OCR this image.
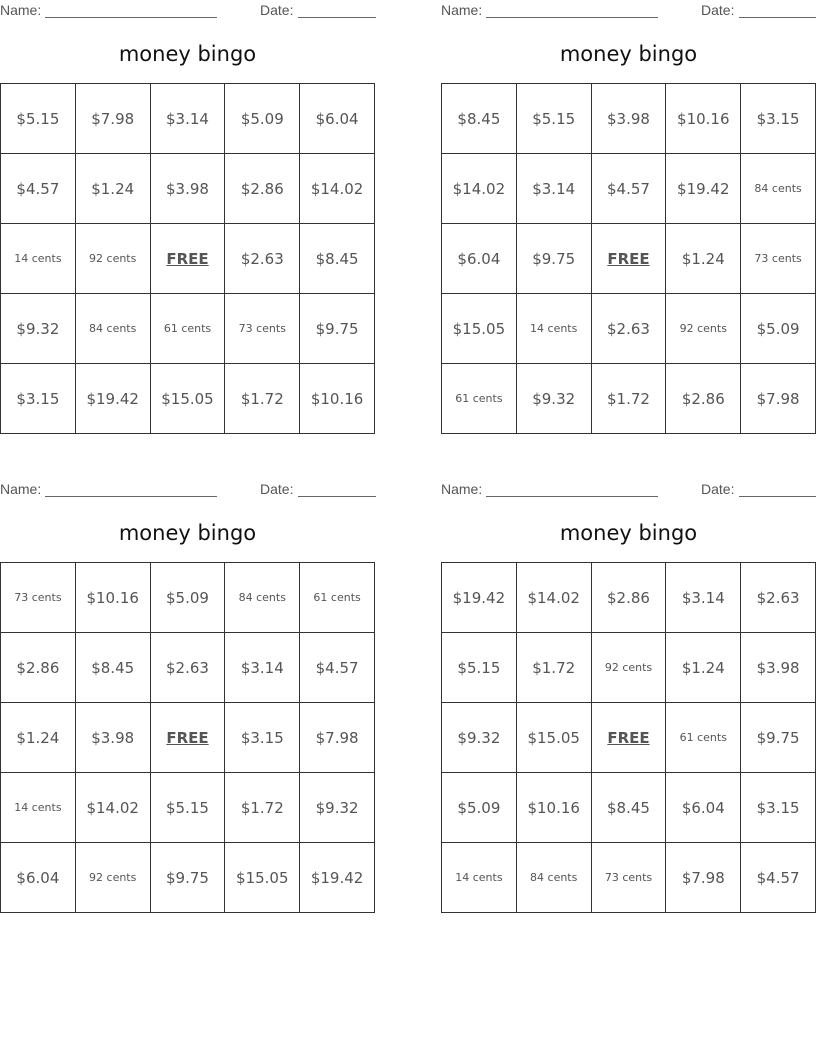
Name:	Date:
money bingo
$5.15	$7.98	$3.14	$5.09	$6.04
$4.57	$1.24	$3.98	$2.86	$14.02
14 cents	92 cents	FREE	$2.63	$8.45
$9.32	84 cents	61 cents	73 cents	$9.75
$3.15	$19.42	$15.05	$1.72	$10.16
Name:	Date:
money bingo
$8.45	$5.15	$3.98	$10.16	$3.15
$14.02	$3.14	$4.57	$19.42	84 cents
$6.04	$9.75	FREE	$1.24	73 cents
$15.05	14 cents	$2.63	92 cents	$5.09
61 cents	$9.32	$1.72	$2.86	$7.98
Name:	Date:
money bingo
73 cents	$10.16	$5.09	84 cents	61 cents
$2.86	$8.45	$2.63	$3.14	$4.57
$1.24	$3.98	FREE	$3.15	$7.98
14 cents	$14.02	$5.15	$1.72	$9.32
$6.04	92 cents	$9.75	$15.05	$19.42
Name:	Date:
money bingo
$19.42	$14.02	$2.86	$3.14	$2.63
$5.15	$1.72	92 cents	$1.24	$3.98
$9.32	$15.05	FREE	61 cents	$9.75
$5.09	$10.16	$8.45	$6.04	$3.15
14 cents	84 cents	73 cents	$7.98	$4.57
